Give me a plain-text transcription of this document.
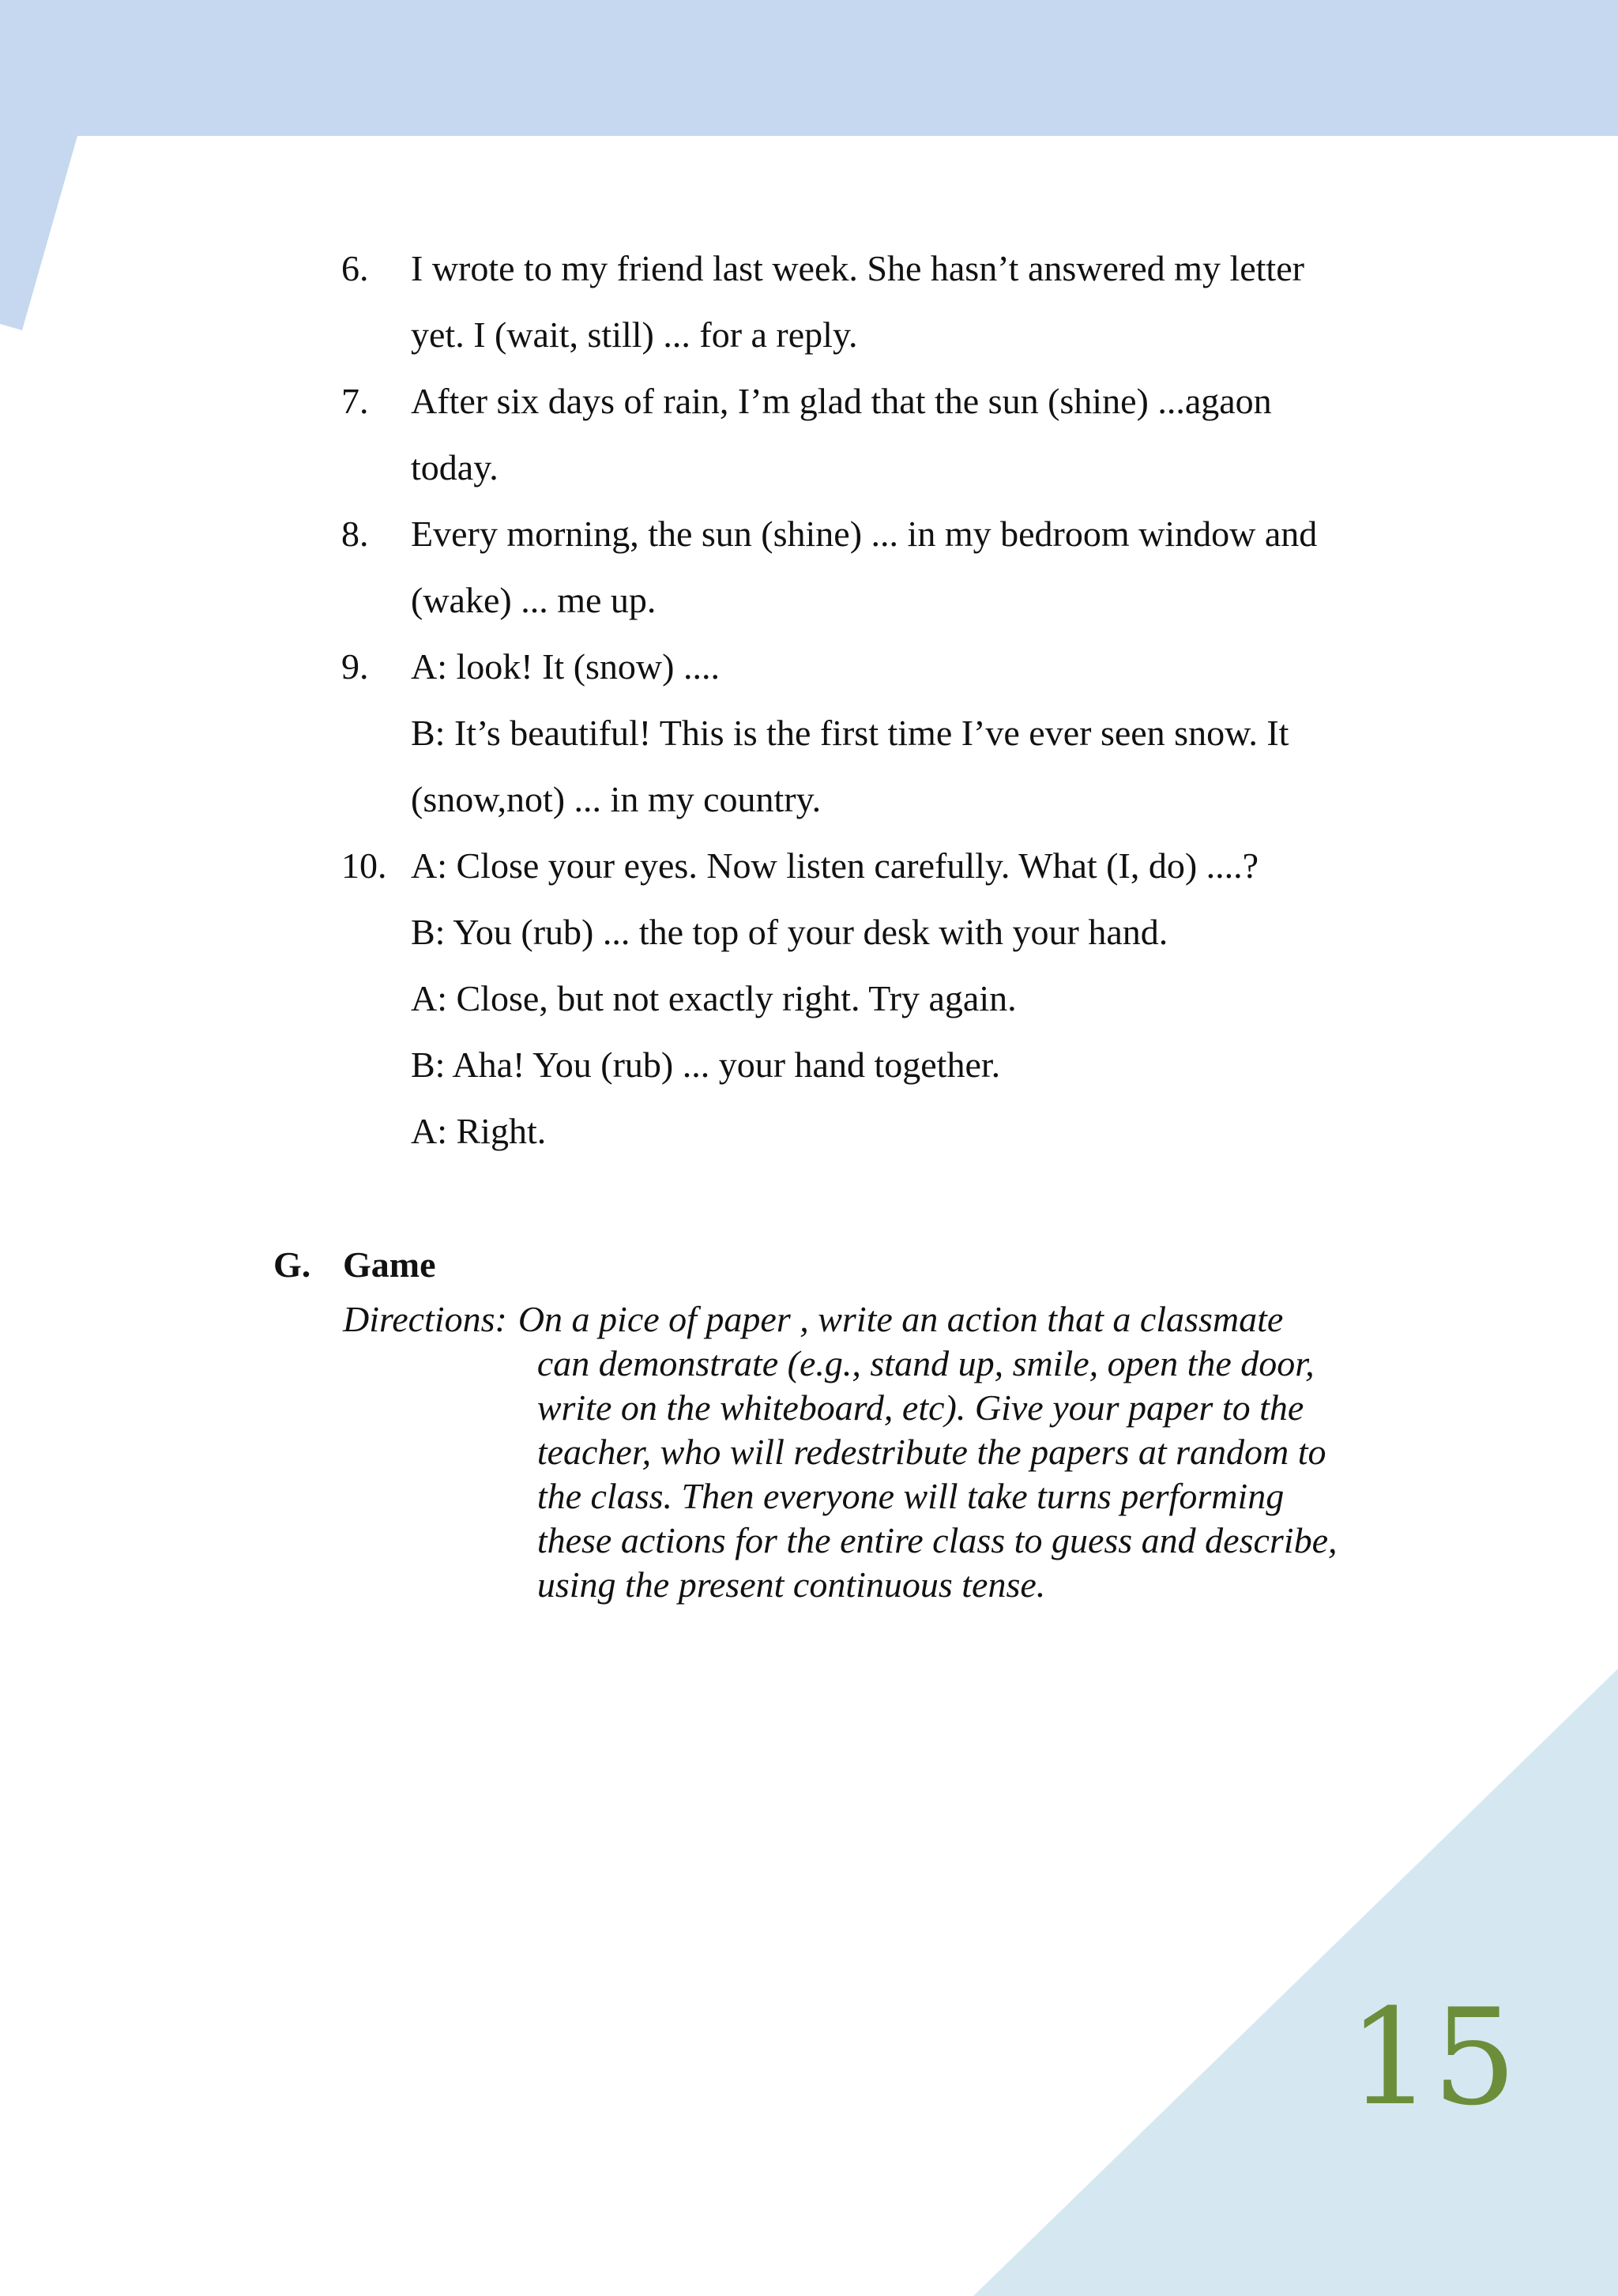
6.	I wrote to my friend last week. She hasn’t answered my letter

yet. I (wait, still) ... for a reply.

7.	After six days of rain, I’m glad that the sun (shine) ...agaon

today.

8.	Every morning, the sun (shine) ... in my bedroom window and

(wake) ... me up.

9.	A: look! It (snow) ....

B: It’s beautiful! This is the first time I’ve ever seen snow. It

(snow,not) ... in my country.

10. A: Close your eyes. Now listen carefully. What (I, do) ....?

B: You (rub) ... the top of your desk with your hand.

A: Close, but not exactly right. Try again.

B: Aha! You (rub) ... your hand together.

A: Right.

G. Game
Directions: On a pice of paper , write an action that a classmate
can demonstrate (e.g., stand up, smile, open the door,
write on the whiteboard, etc). Give your paper to the
teacher, who will redestribute the papers at random to
the class. Then everyone will take turns performing
these actions for the entire class to guess and describe,
using the present continuous tense.
15
